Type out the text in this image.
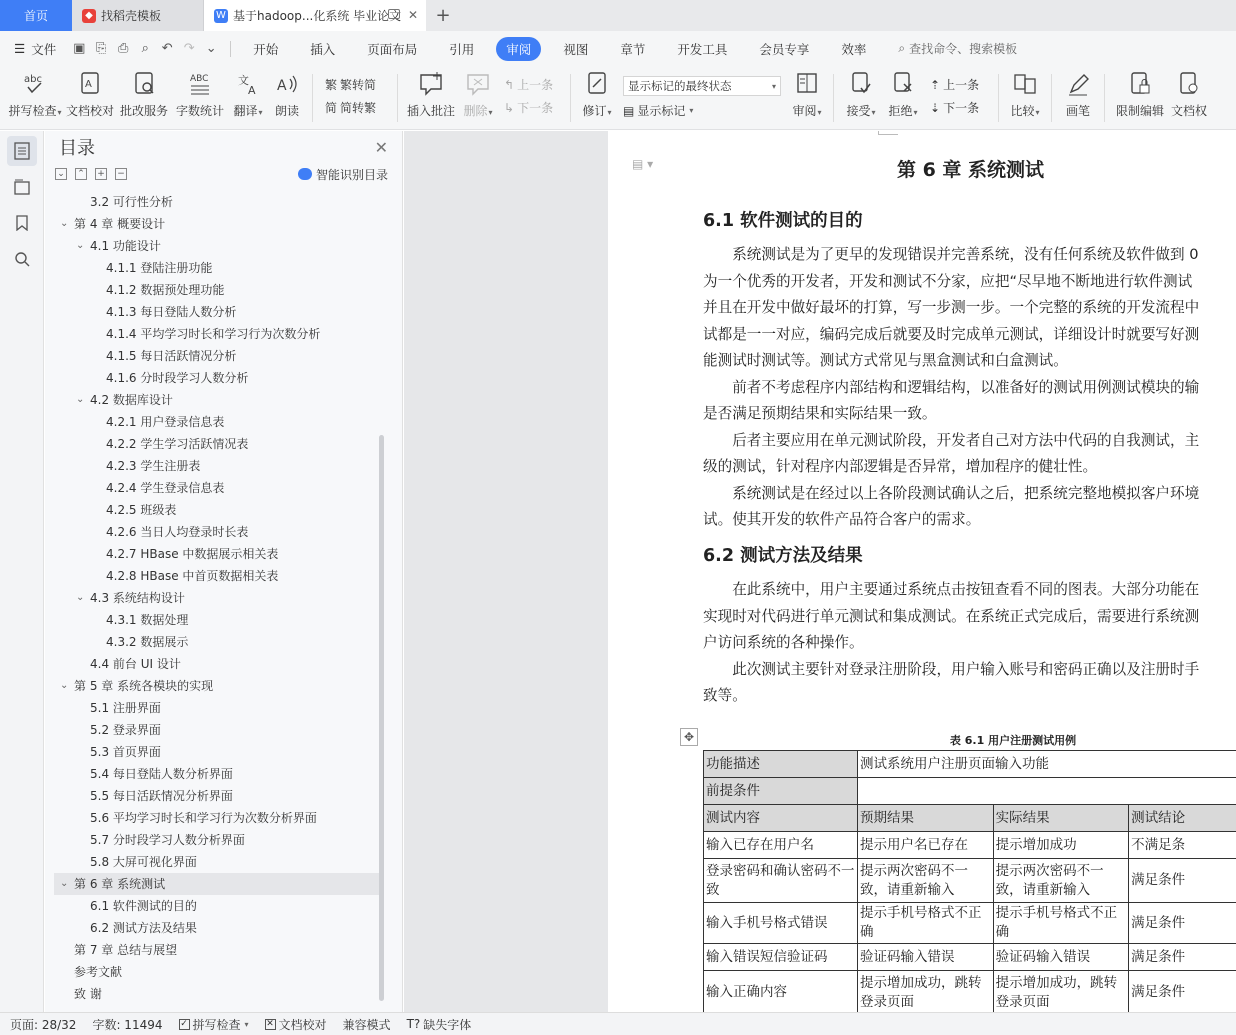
首页	◆ 找稻壳模板	W 基于hadoop...化系统 毕业论文 ✕ +
☰ 文件 ▣ ⎘ ⎙	⌕ ↶ ↷ ⌄	开始	插入	页面布局	引用	审阅	视图	章节	开发工具	会员专享	效率	⌕ 查找命令、搜索模板
abc
拼写检查▾
A
文档校对 批改服务
ABC
字数统计
文
A
翻译▾
A
朗读
繁 繁转简
简 简转繁	插入批注 删除▾
↰ 上一条
↳ 下一条 修订▾
显示标记的最终状态	▾
▤ 显示标记 ▾	审阅▾ 接受▾ 拒绝▾
⇡ 上一条
⇣ 下一条	比较▾ 画笔 限制编辑 文档权
目录	✕
⌄ ⌃ + −	智能识别目录
3.2 可行性分析
⌄ 第 4 章 概要设计
⌄ 4.1 功能设计
4.1.1 登陆注册功能
4.1.2 数据预处理功能
4.1.3 每日登陆人数分析
4.1.4 平均学习时长和学习行为次数分析
4.1.5 每日活跃情况分析
4.1.6 分时段学习人数分析
⌄ 4.2 数据库设计
4.2.1 用户登录信息表
4.2.2 学生学习活跃情况表
4.2.3 学生注册表
4.2.4 学生登录信息表
4.2.5 班级表
4.2.6 当日人均登录时长表
4.2.7 HBase 中数据展示相关表
4.2.8 HBase 中首页数据相关表
⌄ 4.3 系统结构设计
4.3.1 数据处理
4.3.2 数据展示
4.4 前台 UI 设计
⌄ 第 5 章 系统各模块的实现
5.1 注册界面
5.2 登录界面
5.3 首页界面
5.4 每日登陆人数分析界面
5.5 每日活跃情况分析界面
5.6 平均学习时长和学习行为次数分析界面
5.7 分时段学习人数分析界面
5.8 大屏可视化界面
⌄ 第 6 章 系统测试
6.1 软件测试的目的
6.2 测试方法及结果
第 7 章 总结与展望
参考文献
致 谢
▤ ▾	第 6 章 系统测试
6.1 软件测试的目的
系统测试是为了更早的发现错误并完善系统，没有任何系统及软件做到 0
为一个优秀的开发者，开发和测试不分家，应把“尽早地不断地进行软件测试
并且在开发中做好最坏的打算，写一步测一步。一个完整的系统的开发流程中
试都是一一对应，编码完成后就要及时完成单元测试，详细设计时就要写好测
能测试时测试等。测试方式常见与黑盒测试和白盒测试。
前者不考虑程序内部结构和逻辑结构，以准备好的测试用例测试模块的输
是否满足预期结果和实际结果一致。
后者主要应用在单元测试阶段，开发者自己对方法中代码的自我测试，主
级的测试，针对程序内部逻辑是否异常，增加程序的健壮性。
系统测试是在经过以上各阶段测试确认之后，把系统完整地模拟客户环境
试。使其开发的软件产品符合客户的需求。
6.2 测试方法及结果
在此系统中，用户主要通过系统点击按钮查看不同的图表。大部分功能在
实现时对代码进行单元测试和集成测试。在系统正式完成后，需要进行系统测
户访问系统的各种操作。
此次测试主要针对登录注册阶段，用户输入账号和密码正确以及注册时手
致等。
表 6.1 用户注册测试用例
功能描述	测试系统用户注册页面输入功能		
前提条件			
测试内容	预期结果	实际结果	测试结论
输入已存在用户名	提示用户名已存在	提示增加成功	不满足条
登录密码和确认密码不一致	提示两次密码不一致，请重新输入	提示两次密码不一致，请重新输入	满足条件
输入手机号格式错误	提示手机号格式不正确	提示手机号格式不正确	满足条件
输入错误短信验证码	验证码输入错误	验证码输入错误	满足条件
输入正确内容	提示增加成功，跳转登录页面	提示增加成功，跳转登录页面	满足条件
✥
页面: 28/32 字数: 11494 ✓ 拼写检查 ▾ ✕ 文档校对 兼容模式 T? 缺失字体
